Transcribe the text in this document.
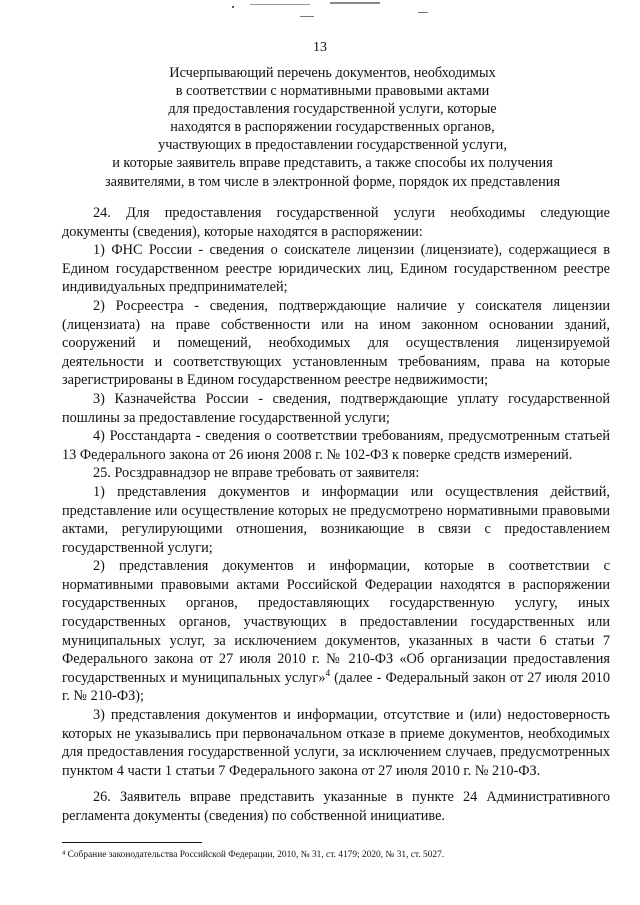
13
Исчерпывающий перечень документов, необходимых
в соответствии с нормативными правовыми актами
для предоставления государственной услуги, которые
находятся в распоряжении государственных органов,
участвующих в предоставлении государственной услуги,
и которые заявитель вправе представить, а также способы их получения
заявителями, в том числе в электронной форме, порядок их представления

24. Для предоставления государственной услуги необходимы следующие документы (сведения), которые находятся в распоряжении:

1) ФНС России - сведения о соискателе лицензии (лицензиате), содержащиеся в Едином государственном реестре юридических лиц, Едином государственном реестре индивидуальных предпринимателей;

2) Росреестра - сведения, подтверждающие наличие у соискателя лицензии (лицензиата) на праве собственности или на ином законном основании зданий, сооружений и помещений, необходимых для осуществления лицензируемой деятельности и соответствующих установленным требованиям, права на которые зарегистрированы в Едином государственном реестре недвижимости;

3) Казначейства России - сведения, подтверждающие уплату государственной пошлины за предоставление государственной услуги;

4) Росстандарта - сведения о соответствии требованиям, предусмотренным статьей 13 Федерального закона от 26 июня 2008 г. № 102-ФЗ к поверке средств измерений.

25. Росздравнадзор не вправе требовать от заявителя:

1) представления документов и информации или осуществления действий, представление или осуществление которых не предусмотрено нормативными правовыми актами, регулирующими отношения, возникающие в связи с предоставлением государственной услуги;

2) представления документов и информации, которые в соответствии с нормативными правовыми актами Российской Федерации находятся в распоряжении государственных органов, предоставляющих государственную услугу, иных государственных органов, участвующих в предоставлении государственных или муниципальных услуг, за исключением документов, указанных в части 6 статьи 7 Федерального закона от 27 июля 2010 г. № 210-ФЗ «Об организации предоставления государственных и муниципальных услуг»$^4$ (далее - Федеральный закон от 27 июля 2010 г. № 210-ФЗ);

3) представления документов и информации, отсутствие и (или) недостоверность которых не указывались при первоначальном отказе в приеме документов, необходимых для предоставления государственной услуги, за исключением случаев, предусмотренных пунктом 4 части 1 статьи 7 Федерального закона от 27 июля 2010 г. № 210-ФЗ.

26. Заявитель вправе представить указанные в пункте 24 Административного регламента документы (сведения) по собственной инициативе.

⁴ Собрание законодательства Российской Федерации, 2010, № 31, ст. 4179; 2020, № 31, ст. 5027.
